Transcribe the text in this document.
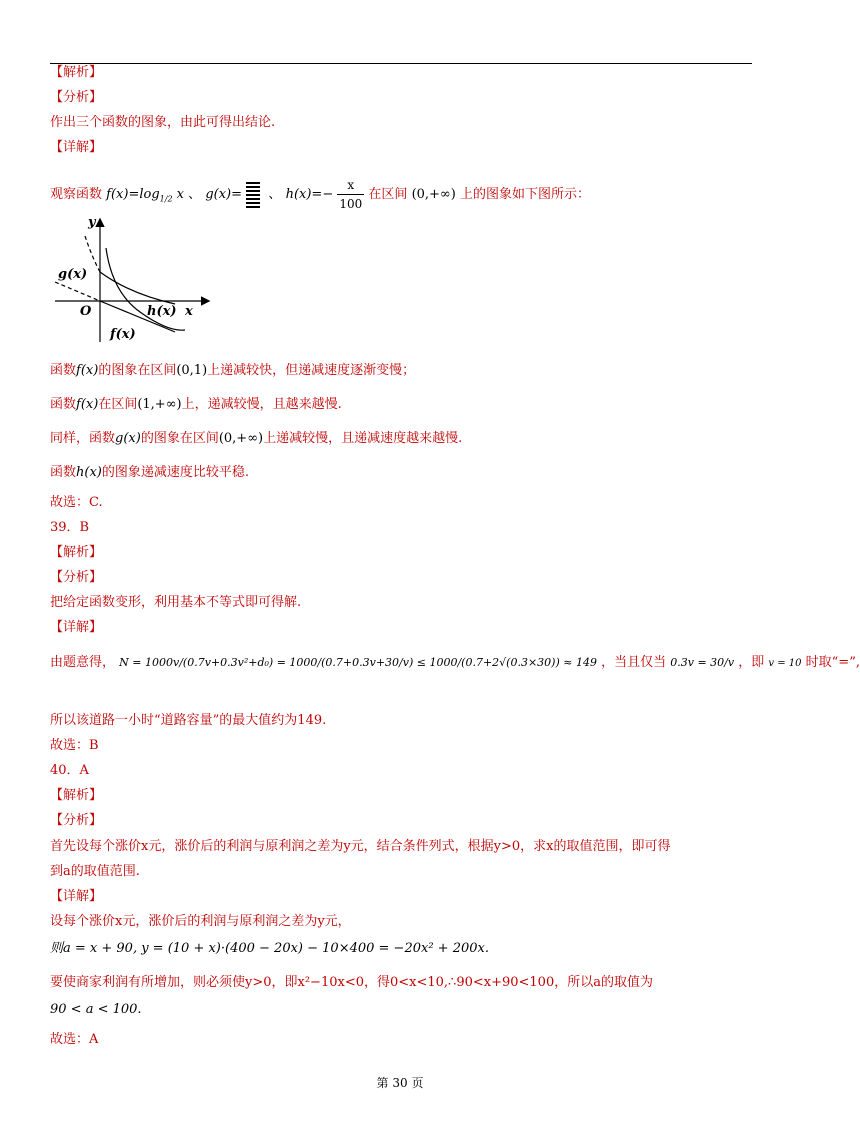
【解析】
【分析】
作出三个函数的图象，由此可得出结论.
【详解】
观察函数 $f(x)=\log_{1/2}$ x 、 g(x)=   、 $h(x)=- \frac{x}{100}$ 在区间 (0,+∞) 上的图象如下图所示：
y
x
O
g(x)
h(x)
f(x)
函数f(x)的图象在区间(0,1)上递减较快，但递减速度逐渐变慢；
函数f(x)在区间(1,+∞)上，递减较慢，且越来越慢.
同样，函数g(x)的图象在区间(0,+∞)上递减较慢，且递减速度越来越慢.
函数h(x)的图象递减速度比较平稳.
故选：C.
39．B
【解析】
【分析】
把给定函数变形，利用基本不等式即可得解.
【详解】
由题意得， N = 1000v/(0.7v+0.3v²+d₀) = 1000/(0.7+0.3v+30/v) ≤ 1000/(0.7+2√(0.3×30)) ≈ 149 ，当且仅当 0.3v = 30/v ，即 v = 10 时取“=”,
所以该道路一小时“道路容量”的最大值约为149.
故选：B
40．A
【解析】
【分析】
首先设每个涨价x元，涨价后的利润与原利润之差为y元，结合条件列式，根据y>0，求x的取值范围，即可得
到a的取值范围.
【详解】
设每个涨价x元，涨价后的利润与原利润之差为y元，
则a = x + 90, y = (10 + x)·(400 − 20x) − 10×400 = −20x² + 200x.
要使商家利润有所增加，则必须使y>0，即x²−10x<0，得0<x<10,∴90<x+90<100，所以a的取值为
90 < a < 100.
故选：A
第 30 页
